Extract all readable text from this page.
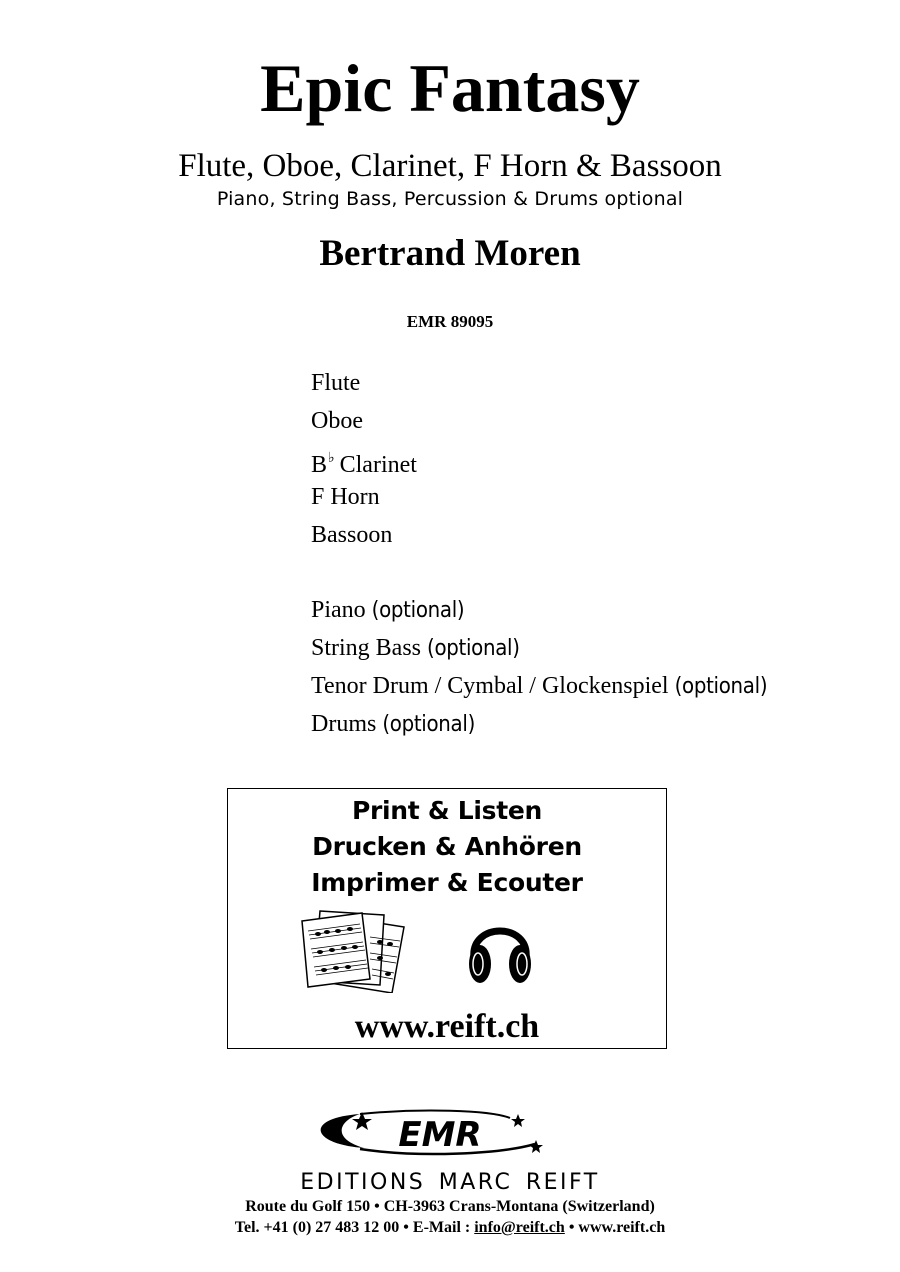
Epic Fantasy
Flute, Oboe, Clarinet, F Horn & Bassoon
Piano, String Bass, Percussion & Drums optional
Bertrand Moren
EMR 89095
Flute
Oboe
B♭ Clarinet
F Horn
Bassoon
Piano (optional)
String Bass (optional)
Tenor Drum / Cymbal / Glockenspiel (optional)
Drums (optional)
Print & Listen
Drucken & Anhören
Imprimer & Ecouter
www.reift.ch
EMR
EDITIONS MARC REIFT
Route du Golf 150 • CH-3963 Crans-Montana (Switzerland)
Tel. +41 (0) 27 483 12 00 • E-Mail : info@reift.ch • www.reift.ch
